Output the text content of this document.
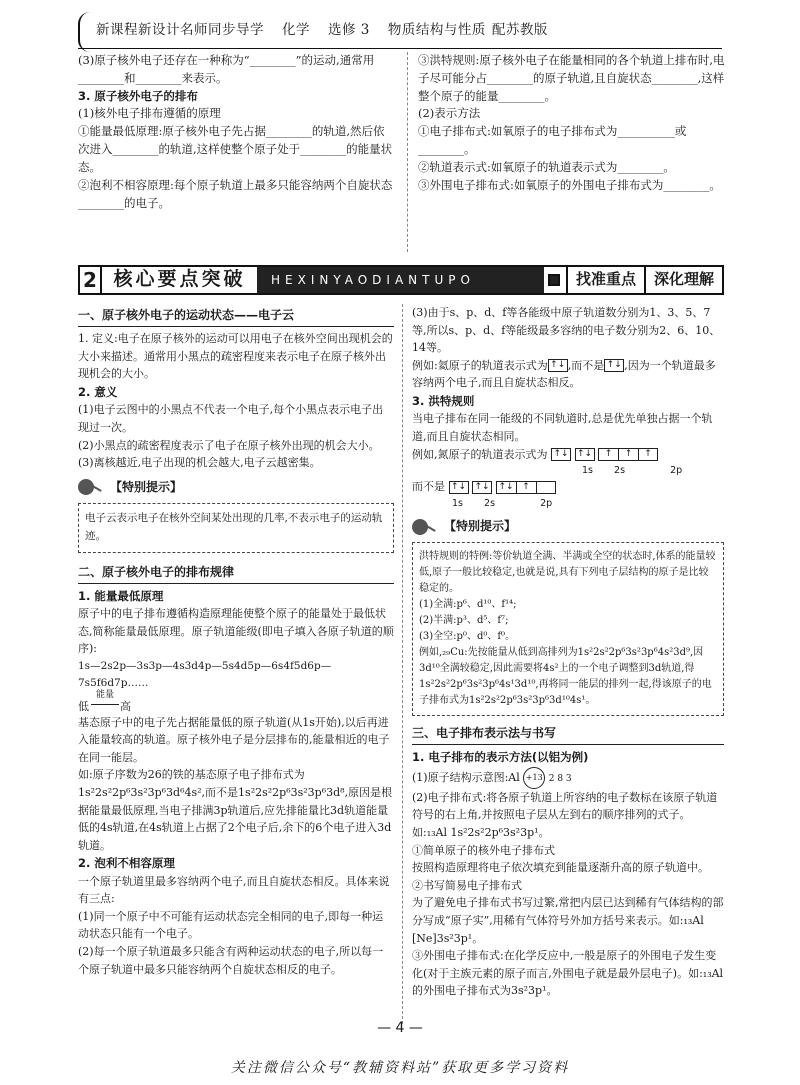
新课程新设计名师同步导学 化学 选修 3 物质结构与性质 配苏教版

(3)原子核外电子还存在一种称为“________”的运动,通常用________和________来表示。

3. 原子核外电子的排布

(1)核外电子排布遵循的原理

①能量最低原理:原子核外电子先占据________的轨道,然后依次进入________的轨道,这样使整个原子处于________的能量状态。

②泡利不相容原理:每个原子轨道上最多只能容纳两个自旋状态________的电子。

③洪特规则:原子核外电子在能量相同的各个轨道上排布时,电子尽可能分占________的原子轨道,且自旋状态________,这样整个原子的能量________。

(2)表示方法

①电子排布式:如氧原子的电子排布式为__________或________。

②轨道表示式:如氧原子的轨道表示式为________。

③外围电子排布式:如氧原子的外围电子排布式为________。

2 核心要点突破	HEXINYAODIANTUPO	找准重点	深化理解

一、原子核外电子的运动状态——电子云

1. 定义:电子在原子核外的运动可以用电子在核外空间出现机会的大小来描述。通常用小黑点的疏密程度来表示电子在原子核外出现机会的大小。

2. 意义

(1)电子云图中的小黑点不代表一个电子,每个小黑点表示电子出现过一次。

(2)小黑点的疏密程度表示了电子在原子核外出现的机会大小。

(3)离核越近,电子出现的机会越大,电子云越密集。

【特别提示】

电子云表示电子在核外空间某处出现的几率,不表示电子的运动轨迹。

二、原子核外电子的排布规律

1. 能量最低原理

原子中的电子排布遵循构造原理能使整个原子的能量处于最低状态,简称能量最低原理。原子轨道能级(即电子填入各原子轨道的顺序):

1s—2s2p—3s3p—4s3d4p—5s4d5p—6s4f5d6p—7s5f6d7p……

低
能量
高

基态原子中的电子先占据能量低的原子轨道(从1s开始),以后再进入能量较高的轨道。原子核外电子是分层排布的,能量相近的电子在同一能层。

如:原子序数为26的铁的基态原子电子排布式为1s²2s²2p⁶3s²3p⁶3d⁶4s²,而不是1s²2s²2p⁶3s²3p⁶3d⁸,原因是根据能量最低原理,当电子排满3p轨道后,应先排能量比3d轨道能量低的4s轨道,在4s轨道上占据了2个电子后,余下的6个电子进入3d轨道。

2. 泡利不相容原理

一个原子轨道里最多容纳两个电子,而且自旋状态相反。具体来说有三点:

(1)同一个原子中不可能有运动状态完全相同的电子,即每一种运动状态只能有一个电子。

(2)每一个原子轨道最多只能含有两种运动状态的电子,所以每一个原子轨道中最多只能容纳两个自旋状态相反的电子。

(3)由于s、p、d、f等各能级中原子轨道数分别为1、3、5、7等,所以s、p、d、f等能级最多容纳的电子数分别为2、6、10、14等。

例如:氦原子的轨道表示式为 ↑↓ ,而不是 ↑↓ ,因为一个轨道最多容纳两个电子,而且自旋状态相反。

3. 洪特规则

当电子排布在同一能级的不同轨道时,总是优先单独占据一个轨道,而且自旋状态相同。

例如,氮原子的轨道表示式为 ↑↓ ↑↓	↑	↑	↑

1s 2s	2p

而不是 ↑↓ ↑↓ ↑↓ ↑

1s 2s	2p

【特别提示】

洪特规则的特例:等价轨道全满、半满或全空的状态时,体系的能量较低,原子一般比较稳定,也就是说,具有下列电子层结构的原子是比较稳定的。

(1)全满:p⁶、d¹⁰、f¹⁴;

(2)半满:p³、d⁵、f⁷;

(3)全空:p⁰、d⁰、f⁰。

例如,₂₉Cu:先按能量从低到高排列为1s²2s²2p⁶3s²3p⁶4s²3d⁹,因3d¹⁰全满较稳定,因此需要将4s²上的一个电子调整到3d轨道,得1s²2s²2p⁶3s²3p⁶4s¹3d¹⁰,再将同一能层的排列一起,得该原子的电子排布式为1s²2s²2p⁶3s²3p⁶3d¹⁰4s¹。

三、电子排布表示法与书写

1. 电子排布的表示方法(以铝为例)

(1)原子结构示意图:Al +13 2 8 3

(2)电子排布式:将各原子轨道上所容纳的电子数标在该原子轨道符号的右上角,并按照电子层从左到右的顺序排列的式子。如:₁₃Al 1s²2s²2p⁶3s²3p¹。

①简单原子的核外电子排布式

按照构造原理将电子依次填充到能量逐渐升高的原子轨道中。

②书写简易电子排布式

为了避免电子排布式书写过繁,常把内层已达到稀有气体结构的部分写成“原子实”,用稀有气体符号外加方括号来表示。如:₁₃Al [Ne]3s²3p¹。

③外围电子排布式:在化学反应中,一般是原子的外围电子发生变化(对于主族元素的原子而言,外围电子就是最外层电子)。如:₁₃Al的外围电子排布式为3s²3p¹。

— 4 —
关注微信公众号“教辅资料站”获取更多学习资料
